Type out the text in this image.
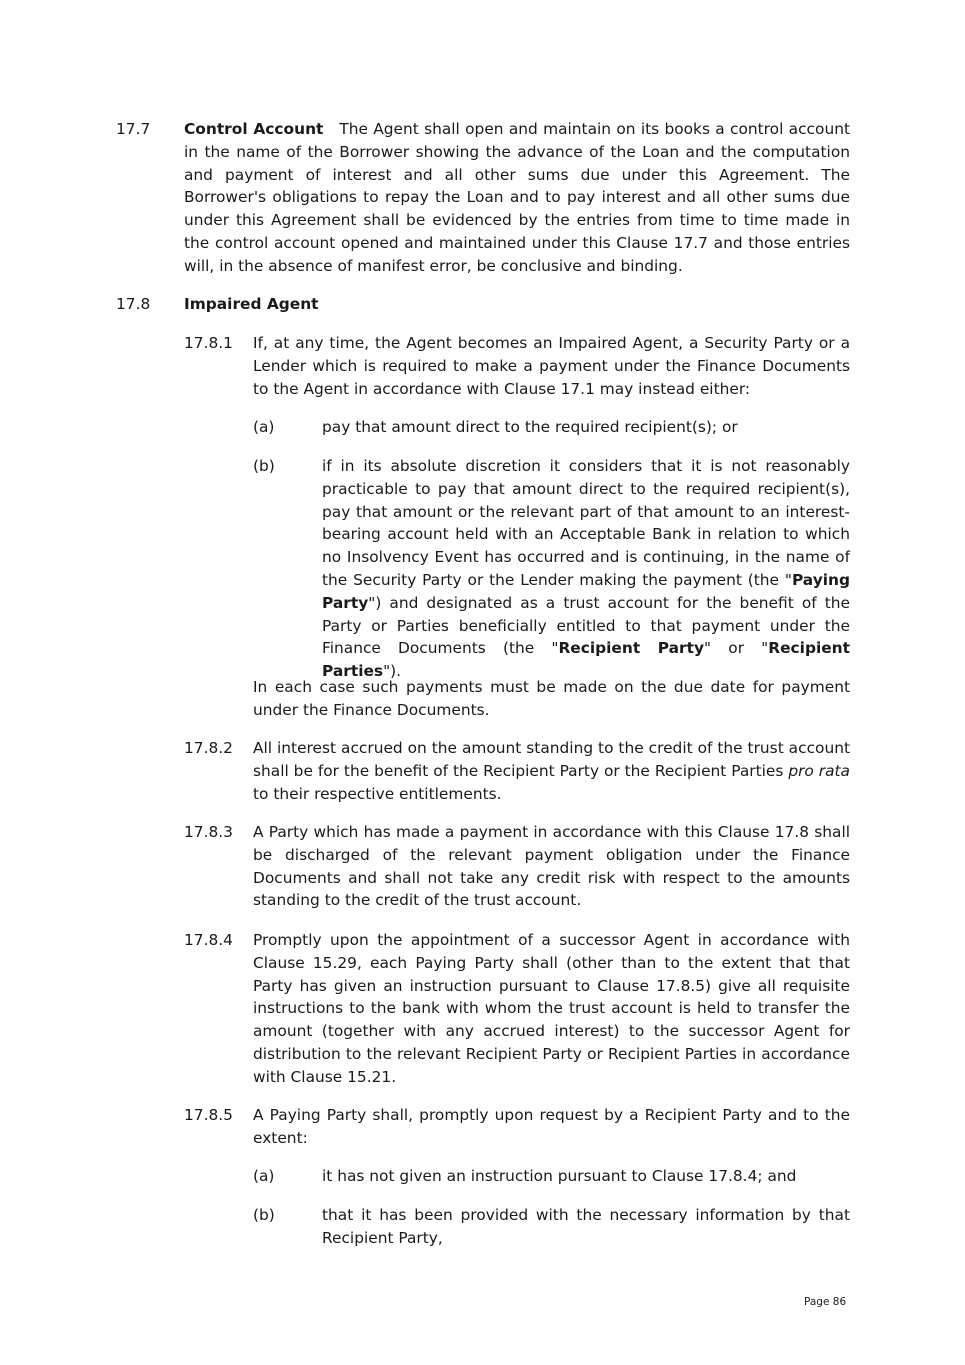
17.7 Control Account The Agent shall open and maintain on its books a control account in the name of the Borrower showing the advance of the Loan and the computation and payment of interest and all other sums due under this Agreement. The Borrower's obligations to repay the Loan and to pay interest and all other sums due under this Agreement shall be evidenced by the entries from time to time made in the control account opened and maintained under this Clause 17.7 and those entries will, in the absence of manifest error, be conclusive and binding.
17.8 Impaired Agent
17.8.1 If, at any time, the Agent becomes an Impaired Agent, a Security Party or a Lender which is required to make a payment under the Finance Documents to the Agent in accordance with Clause 17.1 may instead either:
(a)	pay that amount direct to the required recipient(s); or
(b)	if in its absolute discretion it considers that it is not reasonably practicable to pay that amount direct to the required recipient(s), pay that amount or the relevant part of that amount to an interest-bearing account held with an Acceptable Bank in relation to which no Insolvency Event has occurred and is continuing, in the name of the Security Party or the Lender making the payment (the "Paying Party") and designated as a trust account for the benefit of the Party or Parties beneficially entitled to that payment under the Finance Documents (the "Recipient Party" or "Recipient Parties").
In each case such payments must be made on the due date for payment under the Finance Documents.
17.8.2 All interest accrued on the amount standing to the credit of the trust account shall be for the benefit of the Recipient Party or the Recipient Parties pro rata to their respective entitlements.
17.8.3 A Party which has made a payment in accordance with this Clause 17.8 shall be discharged of the relevant payment obligation under the Finance Documents and shall not take any credit risk with respect to the amounts standing to the credit of the trust account.
17.8.4 Promptly upon the appointment of a successor Agent in accordance with Clause 15.29, each Paying Party shall (other than to the extent that that Party has given an instruction pursuant to Clause 17.8.5) give all requisite instructions to the bank with whom the trust account is held to transfer the amount (together with any accrued interest) to the successor Agent for distribution to the relevant Recipient Party or Recipient Parties in accordance with Clause 15.21.
17.8.5 A Paying Party shall, promptly upon request by a Recipient Party and to the extent:
(a)	it has not given an instruction pursuant to Clause 17.8.4; and
(b)	that it has been provided with the necessary information by that Recipient Party,
Page 86
